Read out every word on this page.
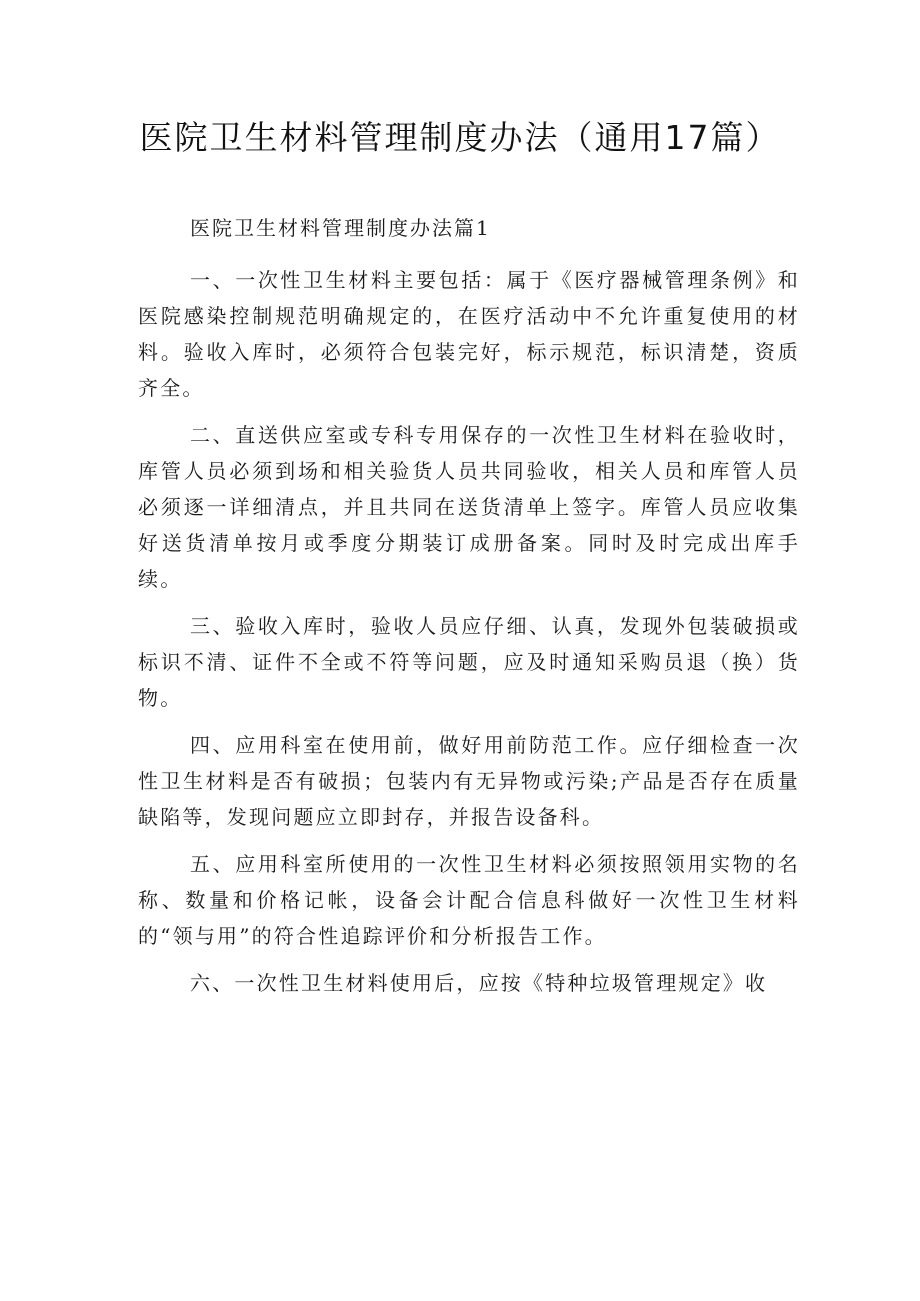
医院卫生材料管理制度办法（通用17篇）
医院卫生材料管理制度办法篇1

一、一次性卫生材料主要包括：属于《医疗器械管理条例》和医院感染控制规范明确规定的，在医疗活动中不允许重复使用的材料。验收入库时，必须符合包装完好，标示规范，标识清楚，资质齐全。

二、直送供应室或专科专用保存的一次性卫生材料在验收时，库管人员必须到场和相关验货人员共同验收，相关人员和库管人员必须逐一详细清点，并且共同在送货清单上签字。库管人员应收集好送货清单按月或季度分期装订成册备案。同时及时完成出库手续。

三、验收入库时，验收人员应仔细、认真，发现外包装破损或标识不清、证件不全或不符等问题，应及时通知采购员退（换）货物。

四、应用科室在使用前，做好用前防范工作。应仔细检查一次性卫生材料是否有破损；包装内有无异物或污染;产品是否存在质量缺陷等，发现问题应立即封存，并报告设备科。

五、应用科室所使用的一次性卫生材料必须按照领用实物的名称、数量和价格记帐，设备会计配合信息科做好一次性卫生材料的“领与用”的符合性追踪评价和分析报告工作。

六、一次性卫生材料使用后，应按《特种垃圾管理规定》收
